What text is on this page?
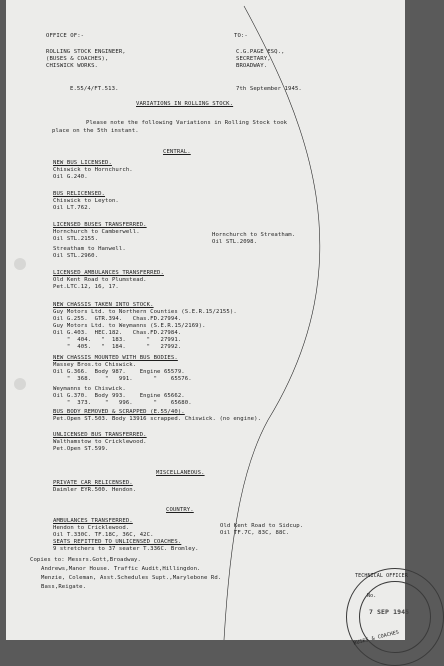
OFFICE OF:-	TO:-
ROLLING STOCK ENGINEER,
(BUSES & COACHES),
CHISWICK WORKS.
C.G.PAGE ESQ.,
SECRETARY,
BROADWAY.
E.55/4/FT.513.	7th September 1945.
VARIATIONS IN ROLLING STOCK.
Please note the following Variations in Rolling Stock took
place on the 5th instant.
CENTRAL.
NEW BUS LICENSED.
Chiswick to Hornchurch.
Oil G.240.
BUS RELICENSED.
Chiswick to Leyton.
Oil LT.762.
LICENSED BUSES TRANSFERRED.
Hornchurch to Camberwell.
Oil STL.2155.
Streatham to Hanwell.
Oil STL.2960.
Hornchurch to Streatham.
Oil STL.2098.
LICENSED AMBULANCES TRANSFERRED.
Old Kent Road to Plumstead.
Pet.LTC.12, 16, 17.
NEW CHASSIS TAKEN INTO STOCK.
Guy Motors Ltd. to Northern Counties (S.E.R.15/2155).
Oil G.255.  GTR.394.   Chas.FD.27994.
Guy Motors Ltd. to Weymanns (S.E.R.15/2169).
Oil G.403.  HEC.182.   Chas.FD.27984.
"  404.   "  183.      "   27991.
"  405.   "  184.      "   27992.
NEW CHASSIS MOUNTED WITH BUS BODIES.
Massey Bros.to Chiswick.
Oil G.366.  Body 987.    Engine 65579.
"  368.    "   991.      "    65576.
Weymanns to Chiswick.
Oil G.370.  Body 993.    Engine 65662.
"  373.    "   996.      "    65680.
BUS BODY REMOVED & SCRAPPED (E.55/40).
Pet.Open ST.503. Body 13916 scrapped. Chiswick. (no engine).
UNLICENSED BUS TRANSFERRED.
Walthamstow to Cricklewood.
Pet.Open ST.599.
MISCELLANEOUS.
PRIVATE CAR RELICENSED.
Daimler EYR.500. Hendon.
COUNTRY.
AMBULANCES TRANSFERRED.
Hendon to Cricklewood.
Oil T.330C. TF.18C, 36C, 42C.
Old Kent Road to Sidcup.
Oil TF.7C, 83C, 88C.
SEATS REFITTED TO UNLICENSED COACHES.
9 stretchers to 37 seater T.336C. Bromley.
Copies to: Messrs.Gott,Broadway.
Andrews,Manor House. Traffic Audit,Hillingdon.
Menzie, Coleman, Asst.Schedules Supt.,Marylebone Rd.
Bass,Reigate.
TECHNICAL OFFICER
No.
7 SEP 1945
BUSES & COACHES
